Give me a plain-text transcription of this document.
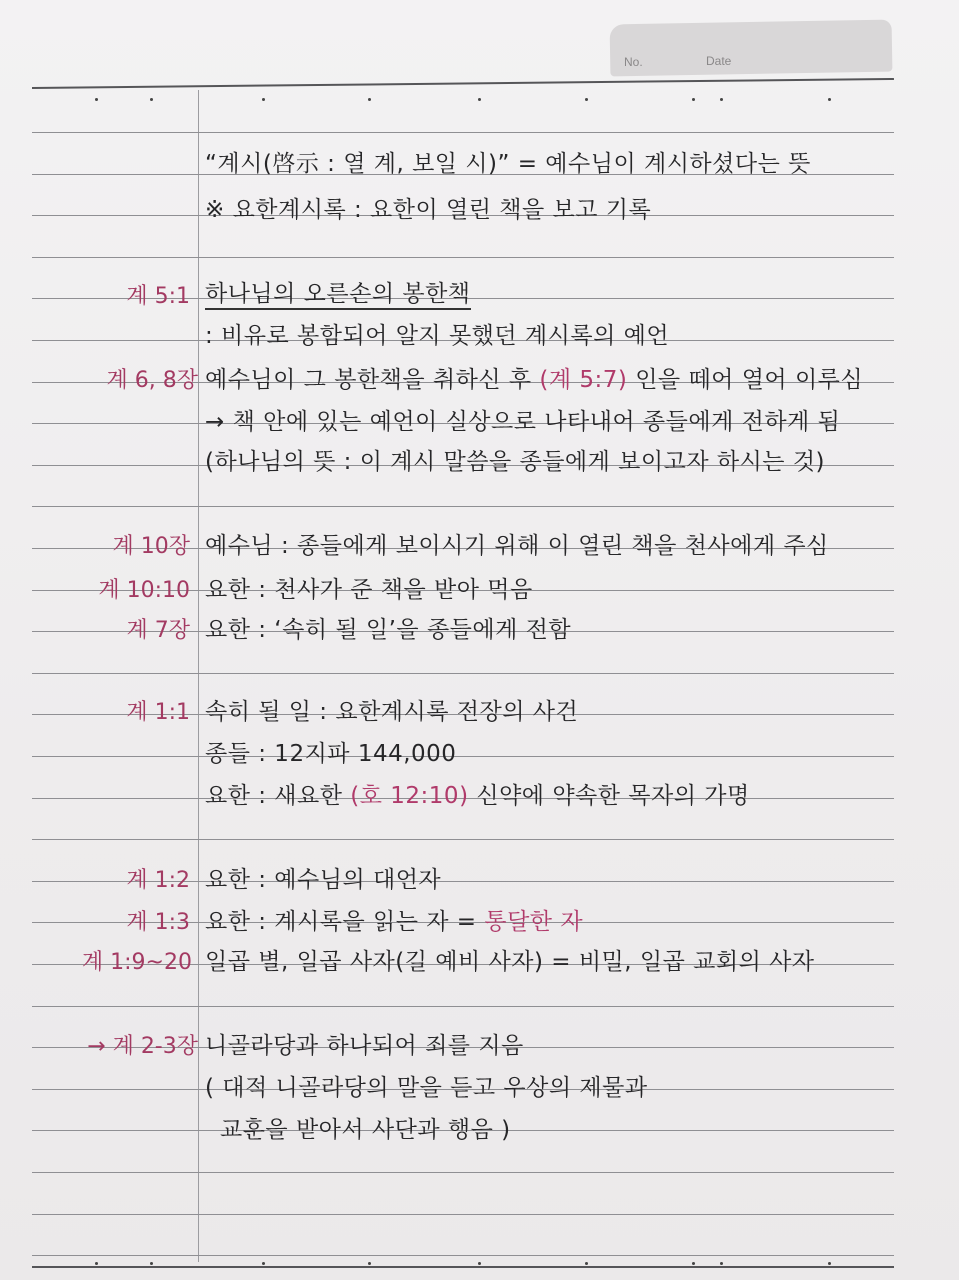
No.	Date
“계시(啓示 : 열 계, 보일 시)” = 예수님이 계시하셨다는 뜻
※ 요한계시록 : 요한이 열린 책을 보고 기록
계 5:1 하나님의 오른손의 봉한책
: 비유로 봉함되어 알지 못했던 계시록의 예언
계 6, 8장 예수님이 그 봉한책을 취하신 후
(계 5:7)
인을 떼어 열어 이루심
→ 책 안에 있는 예언이 실상으로 나타내어 종들에게 전하게 됨
(하나님의 뜻 : 이 계시 말씀을 종들에게 보이고자 하시는 것)
계 10장 예수님 : 종들에게 보이시기 위해 이 열린 책을 천사에게 주심
계 10:10 요한 : 천사가 준 책을 받아 먹음
계 7장 요한 : ‘속히 될 일’을 종들에게 전함
계 1:1 속히 될 일 : 요한계시록 전장의 사건
종들 : 12지파 144,000
요한 : 새요한
(호 12:10)
신약에 약속한 목자의 가명
계 1:2 요한 : 예수님의 대언자
계 1:3 요한 : 계시록을 읽는 자 =
통달한 자
계 1:9~20 일곱 별, 일곱 사자(길 예비 사자) = 비밀, 일곱 교회의 사자
→ 계 2-3장 니골라당과 하나되어 죄를 지음
( 대적 니골라당의 말을 듣고 우상의 제물과
교훈을 받아서 사단과 행음 )
